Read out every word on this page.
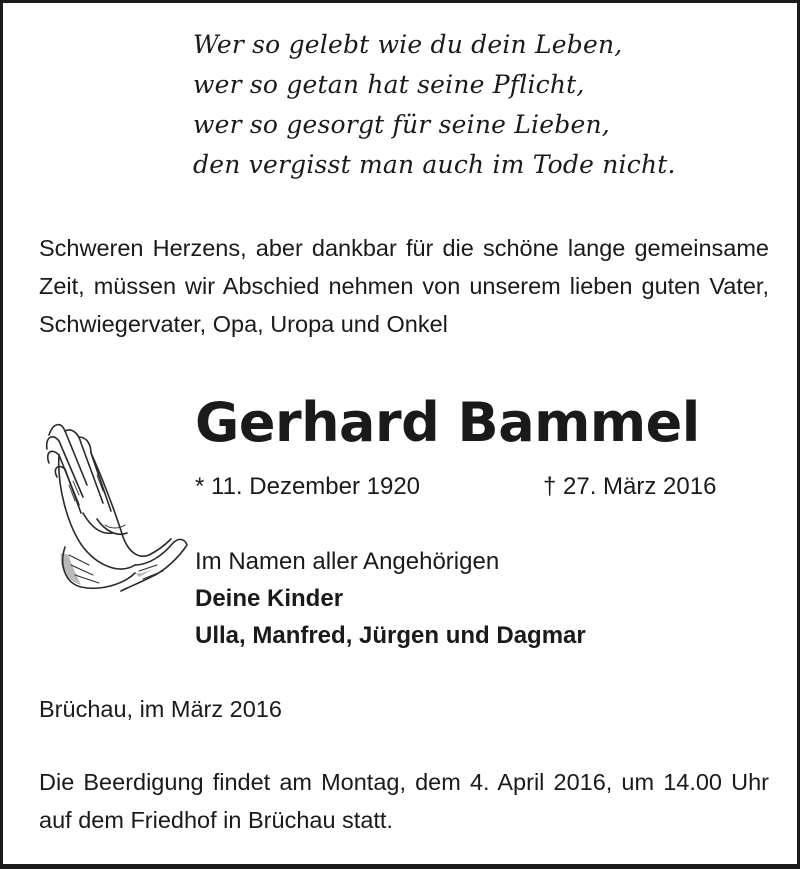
Wer so gelebt wie du dein Leben,
wer so getan hat seine Pflicht,
wer so gesorgt für seine Lieben,
den vergisst man auch im Tode nicht.
Schweren Herzens, aber dankbar für die schöne lange gemeinsame Zeit, müssen wir Abschied nehmen von unserem lieben guten Vater, Schwiegervater, Opa, Uropa und Onkel
Gerhard Bammel
* 11. Dezember 1920	† 27. März 2016
Im Namen aller Angehörigen
Deine Kinder
Ulla, Manfred, Jürgen und Dagmar
Brüchau, im März 2016
Die Beerdigung findet am Montag, dem 4. April 2016, um 14.00 Uhr auf dem Friedhof in Brüchau statt.
